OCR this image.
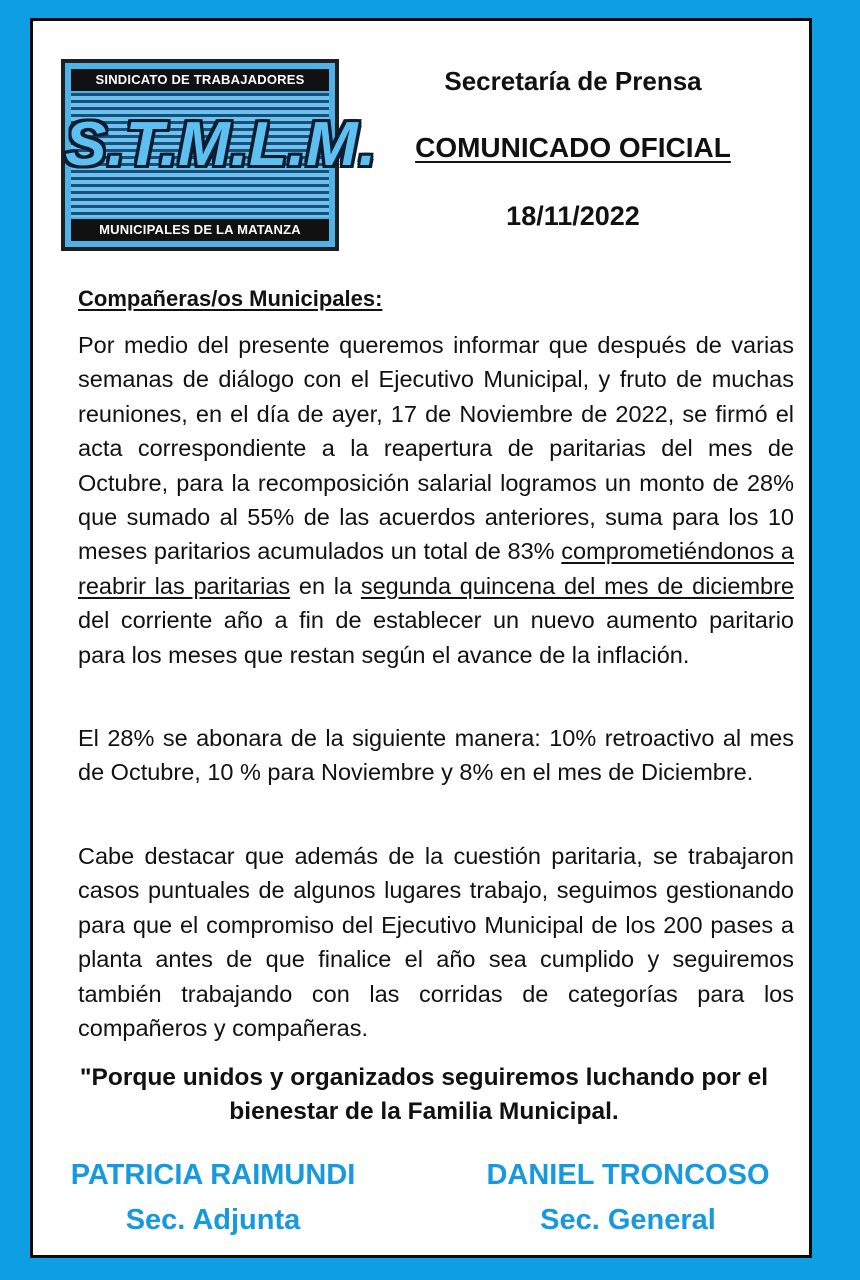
SINDICATO DE TRABAJADORES
S.T.M.L.M.
MUNICIPALES DE LA MATANZA
Secretaría de Prensa
COMUNICADO OFICIAL
18/11/2022

Compañeras/os Municipales:

Por medio del presente queremos informar que después de varias semanas de diálogo con el Ejecutivo Municipal, y fruto de muchas reuniones, en el día de ayer, 17 de Noviembre de 2022, se firmó el acta correspondiente a la reapertura de paritarias del mes de Octubre, para la recomposición salarial logramos un monto de 28% que sumado al 55% de las acuerdos anteriores, suma para los 10 meses paritarios acumulados un total de 83% comprometiéndonos a reabrir las paritarias en la segunda quincena del mes de diciembre del corriente año a fin de establecer un nuevo aumento paritario para los meses que restan según el avance de la inflación.

El 28% se abonara de la siguiente manera: 10% retroactivo al mes de Octubre, 10 % para Noviembre y 8% en el mes de Diciembre.

Cabe destacar que además de la cuestión paritaria, se trabajaron casos puntuales de algunos lugares trabajo, seguimos gestionando para que el compromiso del Ejecutivo Municipal de los 200 pases a planta antes de que finalice el año sea cumplido y seguiremos también trabajando con las corridas de categorías para los compañeros y compañeras.

"Porque unidos y organizados seguiremos luchando por el bienestar de la Familia Municipal.

PATRICIA RAIMUNDI
Sec. Adjunta
DANIEL TRONCOSO
Sec. General
